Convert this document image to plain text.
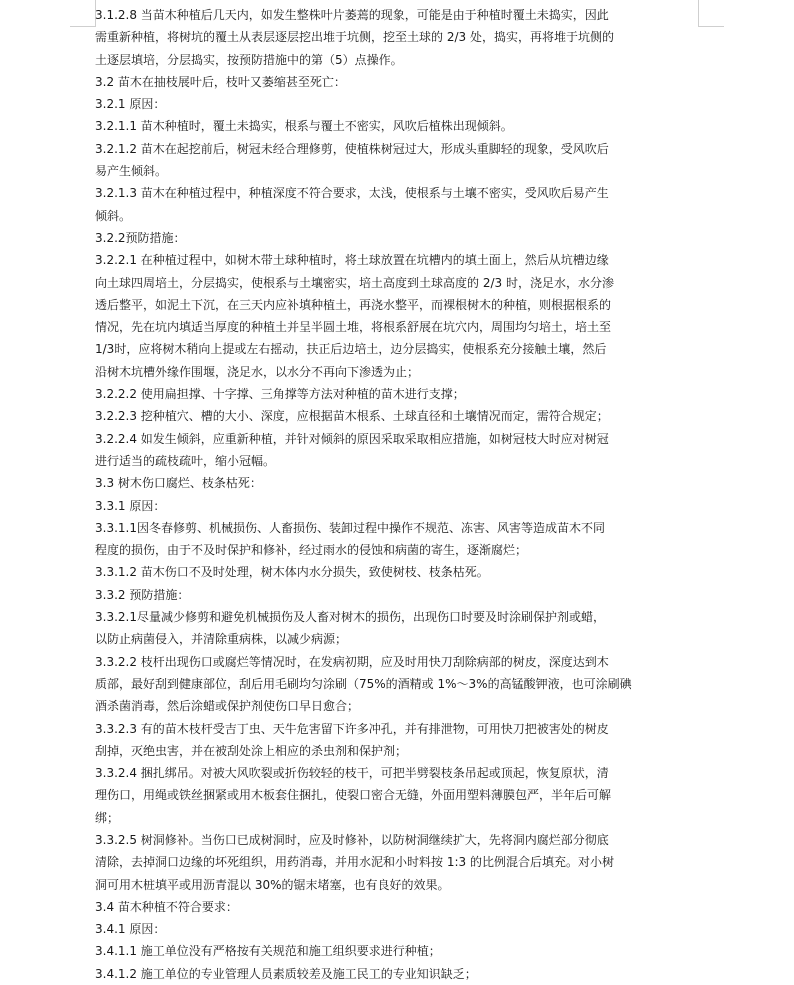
3.1.2.8 当苗木种植后几天内，如发生整株叶片萎蔫的现象，可能是由于种植时覆土未捣实，因此
需重新种植，将树坑的覆土从表层逐层挖出堆于坑侧，挖至土球的 2/3 处，捣实，再将堆于坑侧的
土逐层填培，分层捣实，按预防措施中的第（5）点操作。
3.2 苗木在抽枝展叶后，枝叶又萎缩甚至死亡：
3.2.1 原因：
3.2.1.1 苗木种植时，覆土未捣实，根系与覆土不密实，风吹后植株出现倾斜。
3.2.1.2 苗木在起挖前后，树冠未经合理修剪，使植株树冠过大，形成头重脚轻的现象，受风吹后
易产生倾斜。
3.2.1.3 苗木在种植过程中，种植深度不符合要求，太浅，使根系与土壤不密实，受风吹后易产生
倾斜。
3.2.2预防措施：
3.2.2.1 在种植过程中，如树木带土球种植时，将土球放置在坑槽内的填土面上，然后从坑槽边缘
向土球四周培土，分层捣实，使根系与土壤密实，培土高度到土球高度的 2/3 时，浇足水，水分渗
透后整平，如泥土下沉，在三天内应补填种植土，再浇水整平，而裸根树木的种植，则根据根系的
情况，先在坑内填适当厚度的种植土并呈半圆土堆，将根系舒展在坑穴内，周围均匀培土，培土至
1/3时，应将树木稍向上提或左右摇动，扶正后边培土，边分层捣实，使根系充分接触土壤，然后
沿树木坑槽外缘作围堰，浇足水，以水分不再向下渗透为止；
3.2.2.2 使用扁担撑、十字撑、三角撑等方法对种植的苗木进行支撑；
3.2.2.3 挖种植穴、槽的大小、深度，应根据苗木根系、土球直径和土壤情况而定，需符合规定；
3.2.2.4 如发生倾斜，应重新种植，并针对倾斜的原因采取采取相应措施，如树冠枝大时应对树冠
进行适当的疏枝疏叶，缩小冠幅。
3.3 树木伤口腐烂、枝条枯死：
3.3.1 原因：
3.3.1.1因冬春修剪、机械损伤、人畜损伤、装卸过程中操作不规范、冻害、风害等造成苗木不同
程度的损伤，由于不及时保护和修补，经过雨水的侵蚀和病菌的寄生，逐渐腐烂；
3.3.1.2 苗木伤口不及时处理，树木体内水分损失，致使树枝、枝条枯死。
3.3.2 预防措施：
3.3.2.1尽量减少修剪和避免机械损伤及人畜对树木的损伤，出现伤口时要及时涂刷保护剂或蜡，
以防止病菌侵入，并清除重病株，以减少病源；
3.3.2.2 枝杆出现伤口或腐烂等情况时，在发病初期，应及时用快刀刮除病部的树皮，深度达到木
质部，最好刮到健康部位，刮后用毛刷均匀涂刷（75%的酒精或 1%～3%的高锰酸钾液，也可涂刷碘
酒杀菌消毒，然后涂蜡或保护剂使伤口早日愈合；
3.3.2.3 有的苗木枝杆受吉丁虫、天牛危害留下许多冲孔，并有排泄物，可用快刀把被害处的树皮
刮掉，灭绝虫害，并在被刮处涂上相应的杀虫剂和保护剂；
3.3.2.4 捆扎绑吊。对被大风吹裂或折伤较轻的枝干，可把半劈裂枝条吊起或顶起，恢复原状，清
理伤口，用绳或铁丝捆紧或用木板套住捆扎，使裂口密合无缝，外面用塑料薄膜包严，半年后可解
绑；
3.3.2.5 树洞修补。当伤口已成树洞时，应及时修补，以防树洞继续扩大，先将洞内腐烂部分彻底
清除，去掉洞口边缘的坏死组织，用药消毒，并用水泥和小时料按 1:3 的比例混合后填充。对小树
洞可用木桩填平或用沥青混以 30%的锯末堵塞，也有良好的效果。
3.4 苗木种植不符合要求：
3.4.1 原因：
3.4.1.1 施工单位没有严格按有关规范和施工组织要求进行种植；
3.4.1.2 施工单位的专业管理人员素质较差及施工民工的专业知识缺乏；
